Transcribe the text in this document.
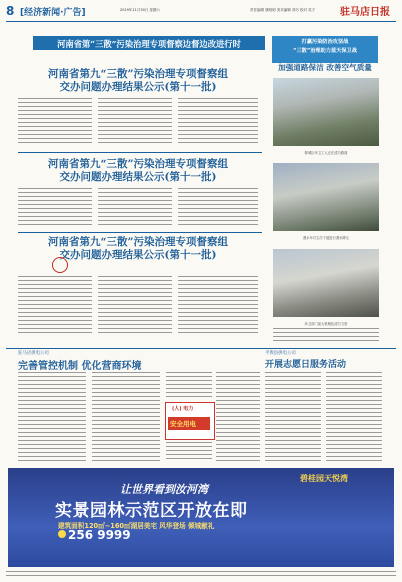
8 [经济新闻·广告]	2019年11月30日 星期六	责任编辑 康明明 美术编辑 刘巧 校对 英子 驻马店日报
河南省第“三散”污染治理专项督察边督边改进行时	打赢污染防治攻坚战
“三散”治理助力蓝天保卫战
河南省第九“三散”污染治理专项督察组
交办问题办理结果公示(第十一批)
河南省第九“三散”污染治理专项督察组
交办问题办理结果公示(第十一批)
河南省第九“三散”污染治理专项督察组
交办问题办理结果公示(第十一批)
加强道路保洁 改善空气质量
驿城区环卫工人正在清扫路面
洒水车对主次干道进行洒水降尘
环卫部门加大机械化清扫力度
驻马店供电公司
完善管控机制 优化营商环境
(人) 电力
安全用电
平舆县供电公司
开展志愿日服务活动
碧桂园天悦湾
让世界看到汝河湾
实景园林示范区开放在即
建筑面积120㎡~160㎡湖居美宅 风华登场 倾城献礼
256 9999
